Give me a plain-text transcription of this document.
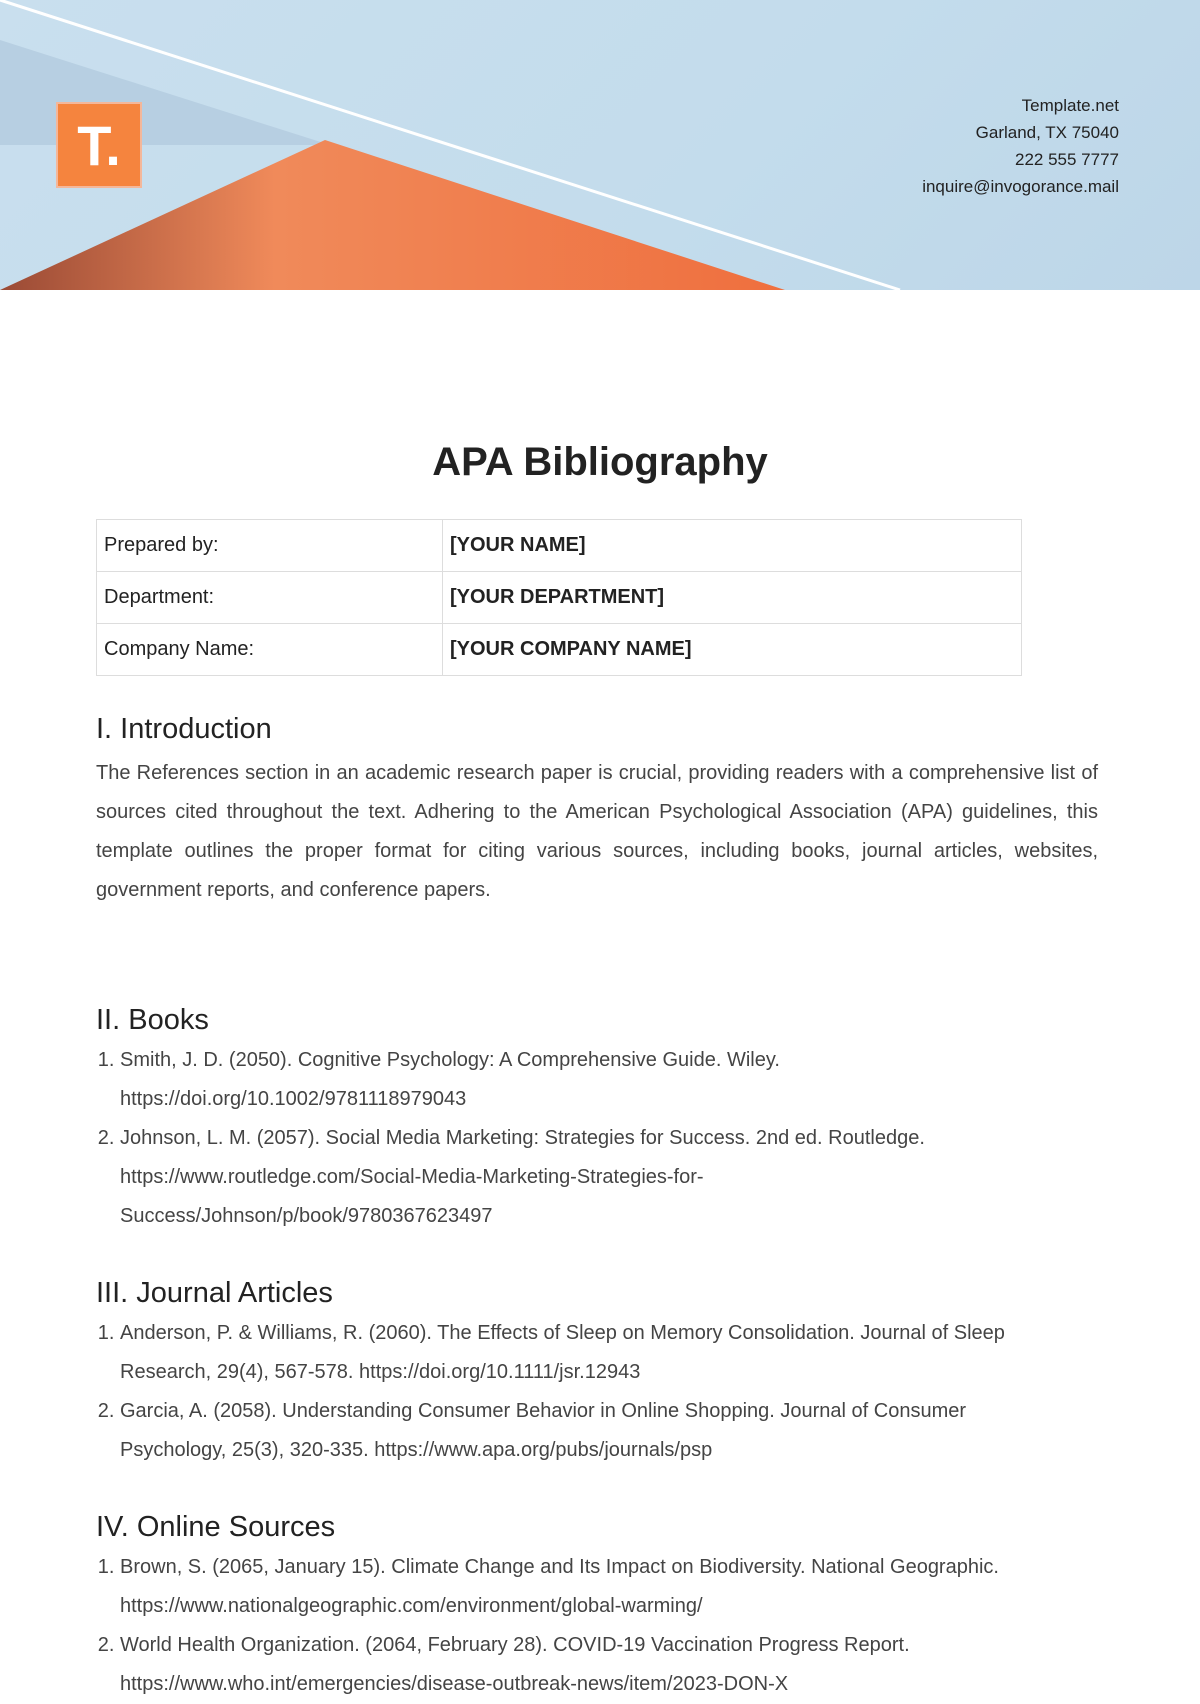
T.
Template.net
Garland, TX 75040
222 555 7777
inquire@invogorance.mail
APA Bibliography
Prepared by:	[YOUR NAME]
Department:	[YOUR DEPARTMENT]
Company Name:	[YOUR COMPANY NAME]
I. Introduction

The References section in an academic research paper is crucial, providing readers with a comprehensive list of sources cited throughout the text. Adhering to the American Psychological Association (APA) guidelines, this template outlines the proper format for citing various sources, including books, journal articles, websites, government reports, and conference papers.

II. Books
1. Smith, J. D. (2050). Cognitive Psychology: A Comprehensive Guide. Wiley. https://doi.org/10.1002/9781118979043
2. Johnson, L. M. (2057). Social Media Marketing: Strategies for Success. 2nd ed. Routledge. https://www.routledge.com/Social-Media-Marketing-Strategies-for-Success/Johnson/p/book/9780367623497
III. Journal Articles
1. Anderson, P. & Williams, R. (2060). The Effects of Sleep on Memory Consolidation. Journal of Sleep Research, 29(4), 567-578. https://doi.org/10.1111/jsr.12943
2. Garcia, A. (2058). Understanding Consumer Behavior in Online Shopping. Journal of Consumer Psychology, 25(3), 320-335. https://www.apa.org/pubs/journals/psp
IV. Online Sources
1. Brown, S. (2065, January 15). Climate Change and Its Impact on Biodiversity. National Geographic. https://www.nationalgeographic.com/environment/global-warming/
2. World Health Organization. (2064, February 28). COVID-19 Vaccination Progress Report. https://www.who.int/emergencies/disease-outbreak-news/item/2023-DON-X
